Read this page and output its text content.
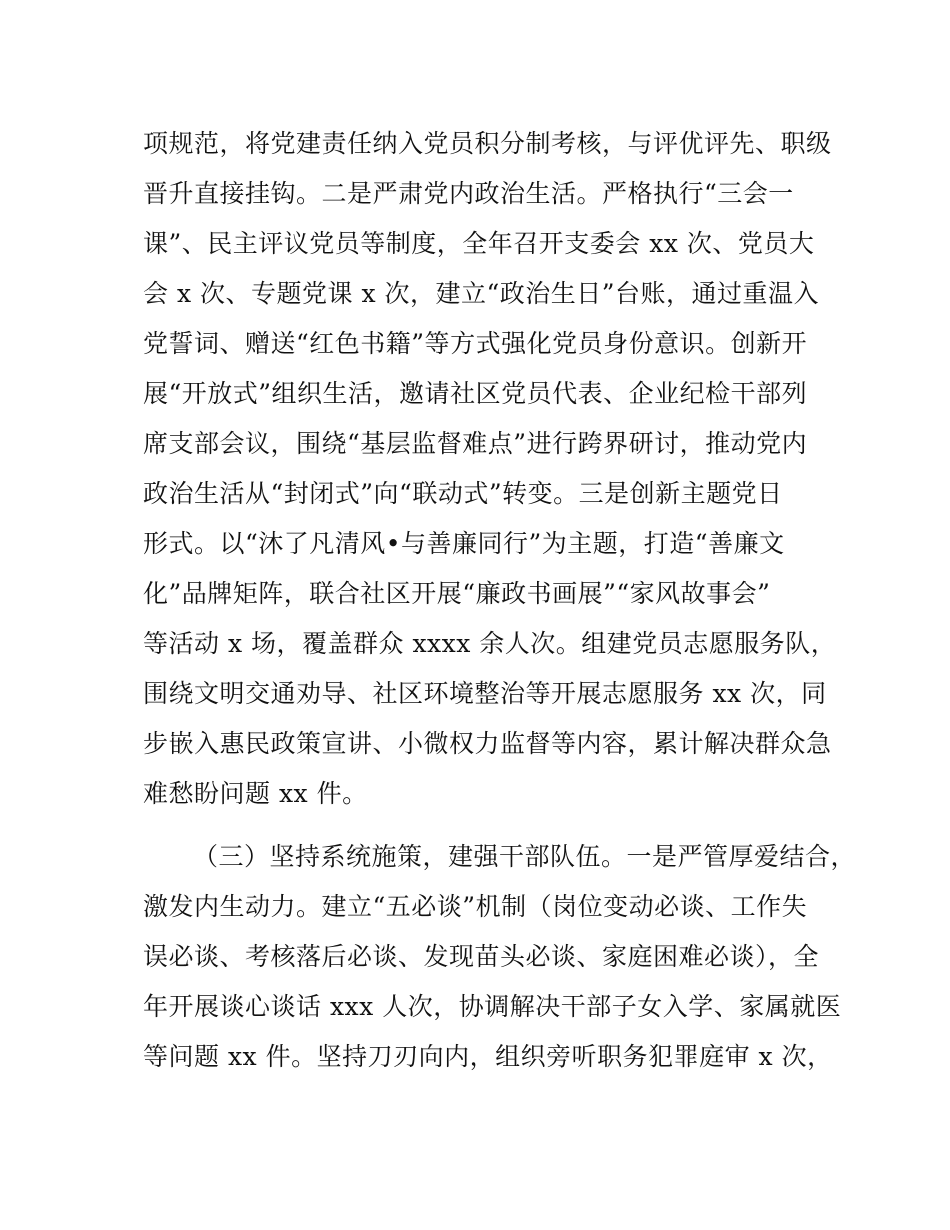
项规范，将党建责任纳入党员积分制考核，与评优评先、职级
晋升直接挂钩。二是严肃党内政治生活。严格执行“三会一
课”、民主评议党员等制度，全年召开支委会 xx 次、党员大
会 x 次、专题党课 x 次，建立“政治生日”台账，通过重温入
党誓词、赠送“红色书籍”等方式强化党员身份意识。创新开
展“开放式”组织生活，邀请社区党员代表、企业纪检干部列
席支部会议，围绕“基层监督难点”进行跨界研讨，推动党内
政治生活从“封闭式”向“联动式”转变。三是创新主题党日
形式。以“沐了凡清风•与善廉同行”为主题，打造“善廉文
化”品牌矩阵，联合社区开展“廉政书画展”“家风故事会”
等活动 x 场，覆盖群众 xxxx 余人次。组建党员志愿服务队，
围绕文明交通劝导、社区环境整治等开展志愿服务 xx 次，同
步嵌入惠民政策宣讲、小微权力监督等内容，累计解决群众急
难愁盼问题 xx 件。
（三）坚持系统施策，建强干部队伍。一是严管厚爱结合，
激发内生动力。建立“五必谈”机制（岗位变动必谈、工作失
误必谈、考核落后必谈、发现苗头必谈、家庭困难必谈），全
年开展谈心谈话 xxx 人次，协调解决干部子女入学、家属就医
等问题 xx 件。坚持刀刃向内，组织旁听职务犯罪庭审 x 次，
